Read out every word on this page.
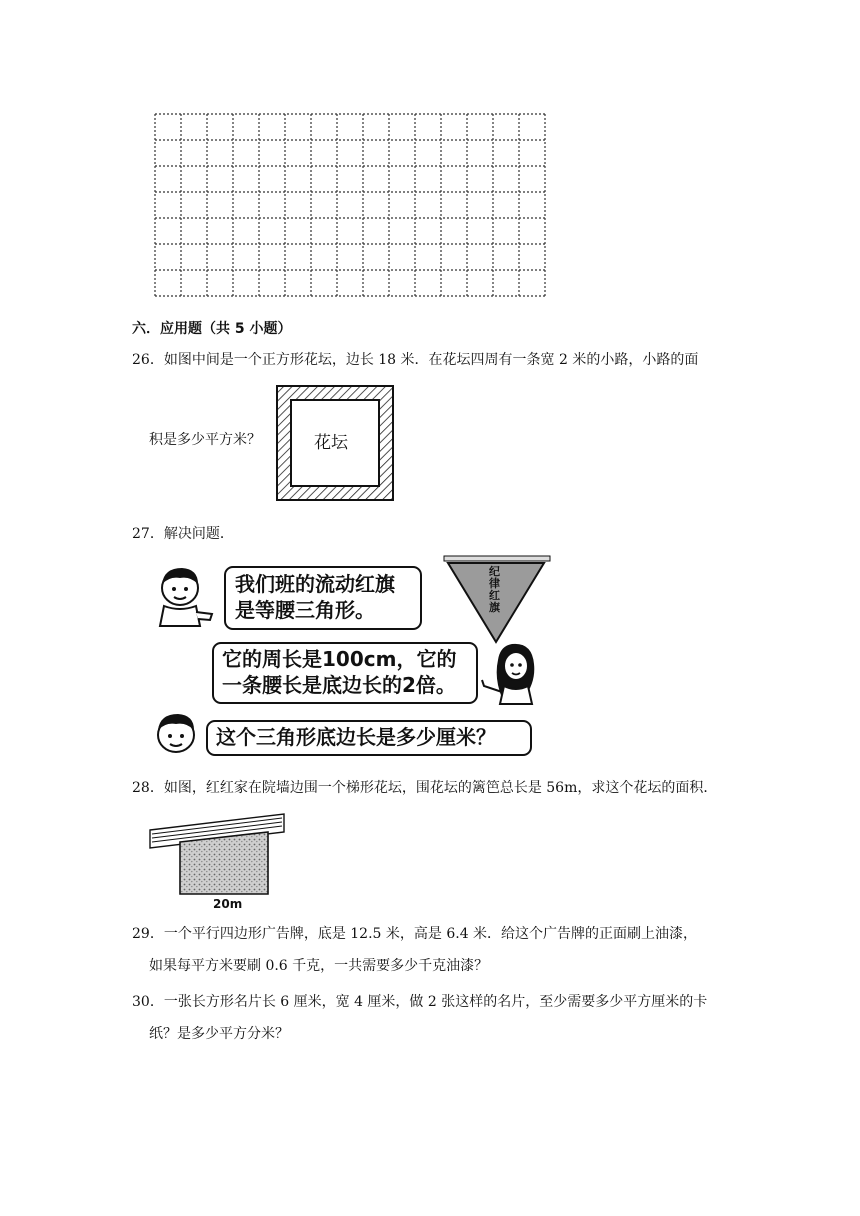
六．应用题（共 5 小题）
26．如图中间是一个正方形花坛，边长 18 米．在花坛四周有一条宽 2 米的小路，小路的面
积是多少平方米？	花坛
27．解决问题．
我们班的流动红旗
是等腰三角形。
纪律红旗
它的周长是100cm，它的
一条腰长是底边长的2倍。
这个三角形底边长是多少厘米？
28．如图，红红家在院墙边围一个梯形花坛，围花坛的篱笆总长是 56m，求这个花坛的面积．
20m
29．一个平行四边形广告牌，底是 12.5 米，高是 6.4 米．给这个广告牌的正面刷上油漆，
如果每平方米要刷 0.6 千克，一共需要多少千克油漆？
30．一张长方形名片长 6 厘米，宽 4 厘米，做 2 张这样的名片，至少需要多少平方厘米的卡
纸？是多少平方分米？
